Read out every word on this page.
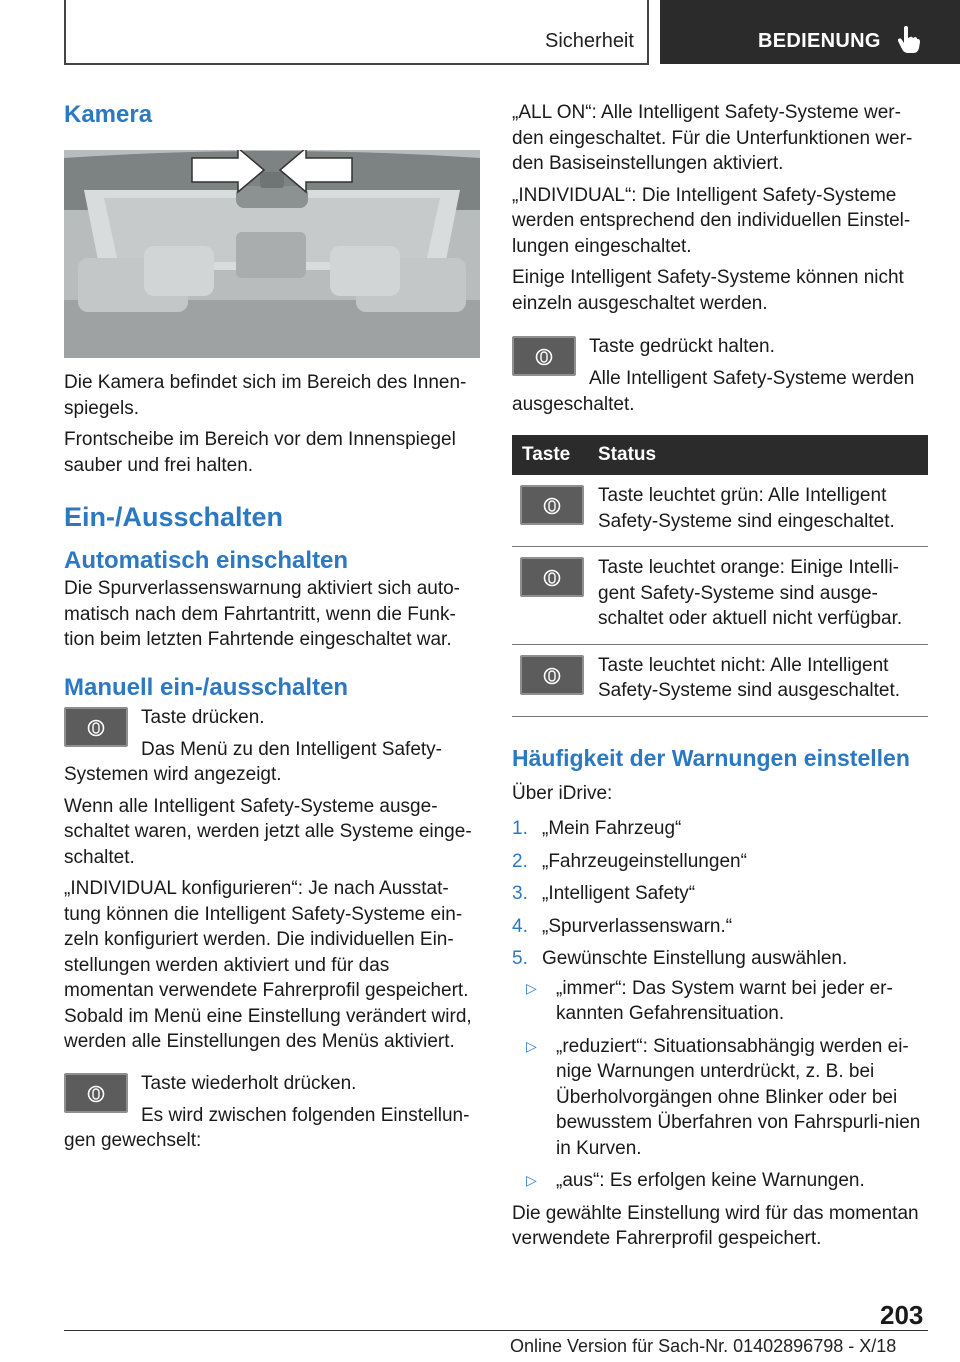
Sicherheit	BEDIENUNG
Kamera

Die Kamera befindet sich im Bereich des Innen-spiegels.

Frontscheibe im Bereich vor dem Innenspiegel sauber und frei halten.

Ein-/Ausschalten
Automatisch einschalten

Die Spurverlassenswarnung aktiviert sich auto-matisch nach dem Fahrtantritt, wenn die Funk-tion beim letzten Fahrtende eingeschaltet war.

Manuell ein-/ausschalten

Taste drücken.

Das Menü zu den Intelligent Safety-Systemen wird angezeigt.

Wenn alle Intelligent Safety-Systeme ausge-schaltet waren, werden jetzt alle Systeme einge-schaltet.

„INDIVIDUAL konfigurieren“: Je nach Ausstat-tung können die Intelligent Safety-Systeme ein-zeln konfiguriert werden. Die individuellen Ein-stellungen werden aktiviert und für das momentan verwendete Fahrerprofil gespeichert. Sobald im Menü eine Einstellung verändert wird, werden alle Einstellungen des Menüs aktiviert.

Taste wiederholt drücken.

Es wird zwischen folgenden Einstellun-gen gewechselt:

„ALL ON“: Alle Intelligent Safety-Systeme wer-den eingeschaltet. Für die Unterfunktionen wer-den Basiseinstellungen aktiviert.

„INDIVIDUAL“: Die Intelligent Safety-Systeme werden entsprechend den individuellen Einstel-lungen eingeschaltet.

Einige Intelligent Safety-Systeme können nicht einzeln ausgeschaltet werden.

Taste gedrückt halten.

Alle Intelligent Safety-Systeme werden ausgeschaltet.

Taste	Status

	Taste leuchtet grün: Alle Intelligent Safety-Systeme sind eingeschaltet.

	Taste leuchtet orange: Einige Intelli-gent Safety-Systeme sind ausge-schaltet oder aktuell nicht verfügbar.

	Taste leuchtet nicht: Alle Intelligent Safety-Systeme sind ausgeschaltet.
Häufigkeit der Warnungen einstellen

Über iDrive:

1. „Mein Fahrzeug“
2. „Fahrzeugeinstellungen“
3. „Intelligent Safety“
4. „Spurverlassenswarn.“
5. Gewünschte Einstellung auswählen.
▷ „immer“: Das System warnt bei jeder er-kannten Gefahrensituation.
▷ „reduziert“: Situationsabhängig werden ei-nige Warnungen unterdrückt, z. B. bei Überholvorgängen ohne Blinker oder bei bewusstem Überfahren von Fahrspurli-nien in Kurven.
▷ „aus“: Es erfolgen keine Warnungen.

Die gewählte Einstellung wird für das momentan verwendete Fahrerprofil gespeichert.

203
Online Version für Sach-Nr. 01402896798 - X/18
